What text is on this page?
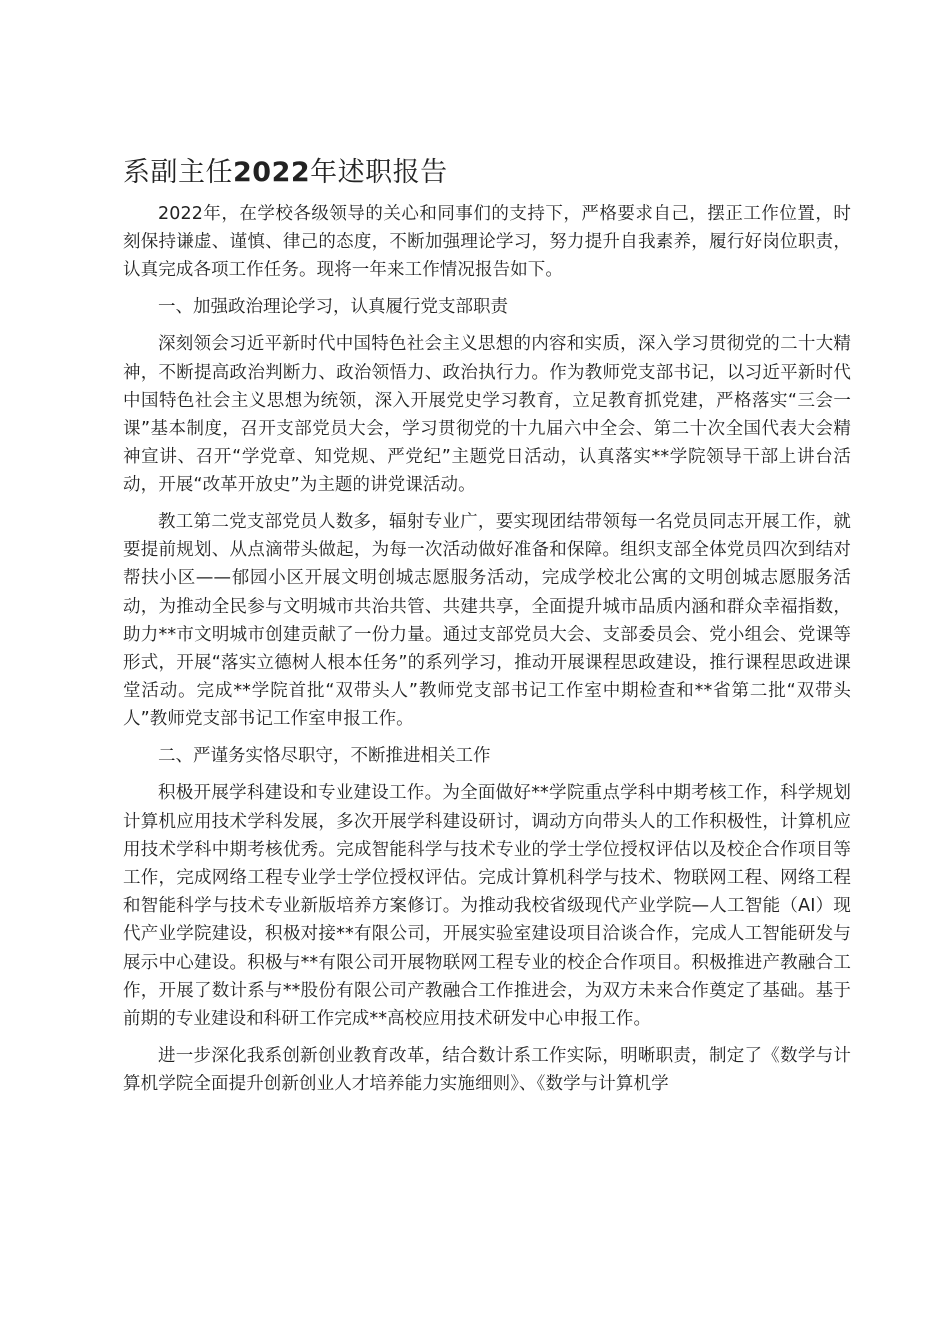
系副主任2022年述职报告

2022年，在学校各级领导的关心和同事们的支持下，严格要求自己，摆正工作位置，时刻保持谦虚、谨慎、律己的态度，不断加强理论学习，努力提升自我素养，履行好岗位职责，认真完成各项工作任务。现将一年来工作情况报告如下。

一、加强政治理论学习，认真履行党支部职责

深刻领会习近平新时代中国特色社会主义思想的内容和实质，深入学习贯彻党的二十大精神，不断提高政治判断力、政治领悟力、政治执行力。作为教师党支部书记，以习近平新时代中国特色社会主义思想为统领，深入开展党史学习教育，立足教育抓党建，严格落实“三会一课”基本制度，召开支部党员大会，学习贯彻党的十九届六中全会、第二十次全国代表大会精神宣讲、召开“学党章、知党规、严党纪”主题党日活动，认真落实**学院领导干部上讲台活动，开展“改革开放史”为主题的讲党课活动。

教工第二党支部党员人数多，辐射专业广，要实现团结带领每一名党员同志开展工作，就要提前规划、从点滴带头做起，为每一次活动做好准备和保障。组织支部全体党员四次到结对帮扶小区——郁园小区开展文明创城志愿服务活动，完成学校北公寓的文明创城志愿服务活动，为推动全民参与文明城市共治共管、共建共享，全面提升城市品质内涵和群众幸福指数，助力**市文明城市创建贡献了一份力量。通过支部党员大会、支部委员会、党小组会、党课等形式，开展“落实立德树人根本任务”的系列学习，推动开展课程思政建设，推行课程思政进课堂活动。完成**学院首批“双带头人”教师党支部书记工作室中期检查和**省第二批“双带头人”教师党支部书记工作室申报工作。

二、严谨务实恪尽职守，不断推进相关工作

积极开展学科建设和专业建设工作。为全面做好**学院重点学科中期考核工作，科学规划计算机应用技术学科发展，多次开展学科建设研讨，调动方向带头人的工作积极性，计算机应用技术学科中期考核优秀。完成智能科学与技术专业的学士学位授权评估以及校企合作项目等工作，完成网络工程专业学士学位授权评估。完成计算机科学与技术、物联网工程、网络工程和智能科学与技术专业新版培养方案修订。为推动我校省级现代产业学院—人工智能（AI）现代产业学院建设，积极对接**有限公司，开展实验室建设项目洽谈合作，完成人工智能研发与展示中心建设。积极与**有限公司开展物联网工程专业的校企合作项目。积极推进产教融合工作，开展了数计系与**股份有限公司产教融合工作推进会，为双方未来合作奠定了基础。基于前期的专业建设和科研工作完成**高校应用技术研发中心申报工作。

进一步深化我系创新创业教育改革，结合数计系工作实际，明晰职责，制定了《数学与计算机学院全面提升创新创业人才培养能力实施细则》、《数学与计算机学
